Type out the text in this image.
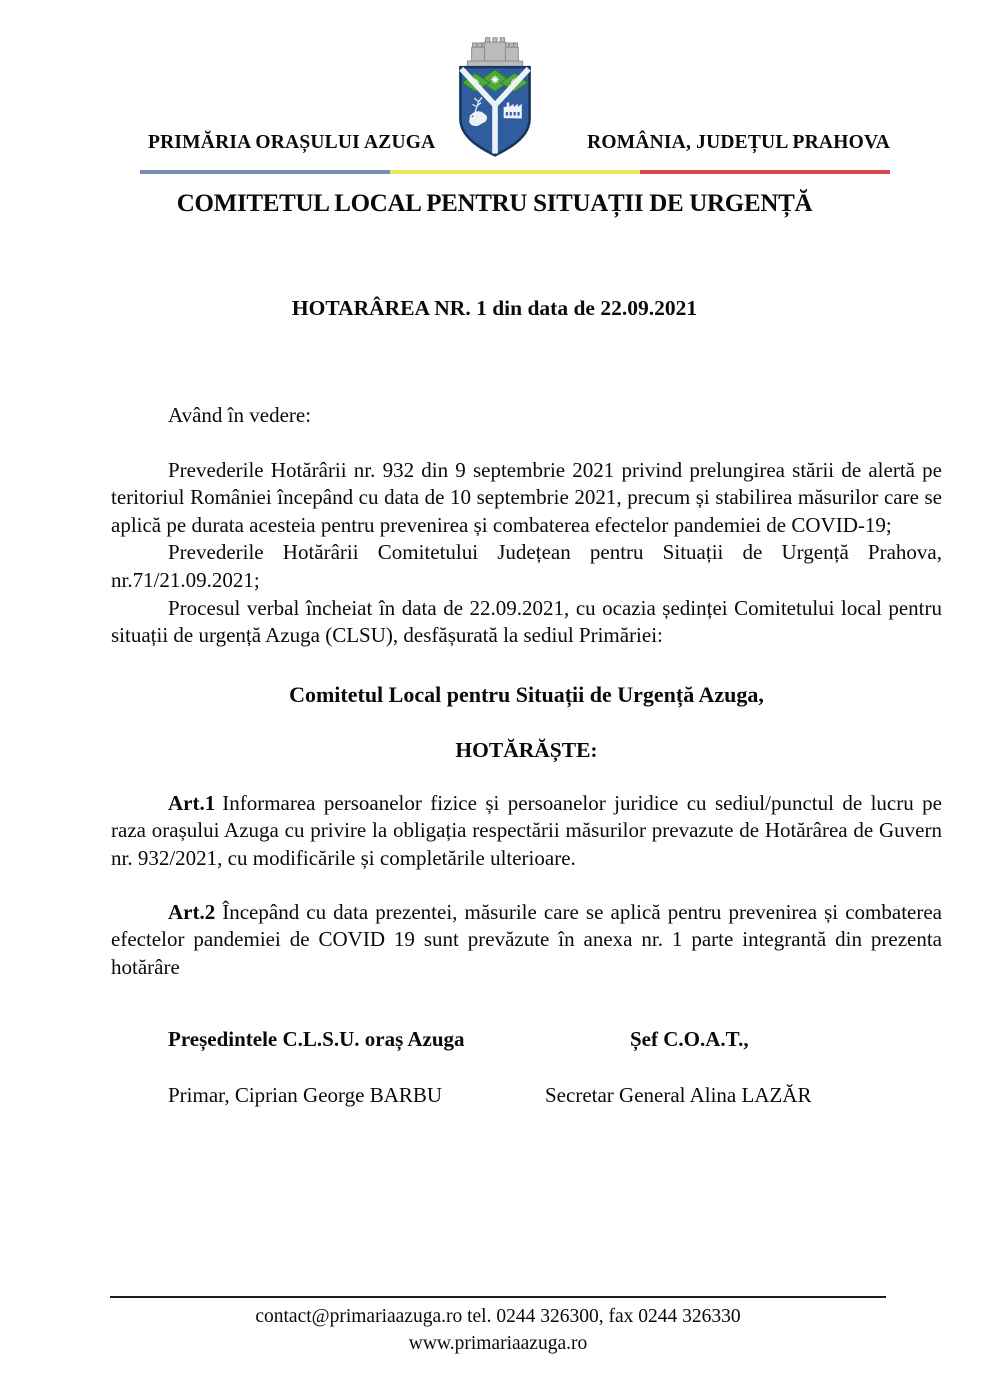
PRIMĂRIA ORAȘULUI AZUGA	ROMÂNIA, JUDEȚUL PRAHOVA
COMITETUL LOCAL PENTRU SITUAȚII DE URGENȚĂ
HOTARÂREA NR. 1 din data de 22.09.2021

Având în vedere:

Prevederile Hotărârii nr. 932 din 9 septembrie 2021 privind prelungirea stării de alertă pe teritoriul României începând cu data de 10 septembrie 2021, precum și stabilirea măsurilor care se aplică pe durata acesteia pentru prevenirea și combaterea efectelor pandemiei de COVID-19;

Prevederile Hotărârii Comitetului Județean pentru Situații de Urgență Prahova, nr.71/21.09.2021;

Procesul verbal încheiat în data de 22.09.2021, cu ocazia ședinței Comitetului local pentru situații de urgență Azuga (CLSU), desfășurată la sediul Primăriei:

Comitetul Local pentru Situații de Urgență Azuga,

HOTĂRĂȘTE:

Art.1 Informarea persoanelor fizice și persoanelor juridice cu sediul/punctul de lucru pe raza orașului Azuga cu privire la obligația respectării măsurilor prevazute de Hotărârea de Guvern nr. 932/2021, cu modificările și completările ulterioare.

Art.2 Începând cu data prezentei, măsurile care se aplică pentru prevenirea și combaterea efectelor pandemiei de COVID 19 sunt prevăzute în anexa nr. 1 parte integrantă din prezenta hotărâre

Președintele C.L.S.U. oraș Azuga	Șef C.O.A.T.,
Primar, Ciprian George BARBU	Secretar General Alina LAZĂR
contact@primariaazuga.ro tel. 0244 326300, fax 0244 326330
www.primariaazuga.ro
